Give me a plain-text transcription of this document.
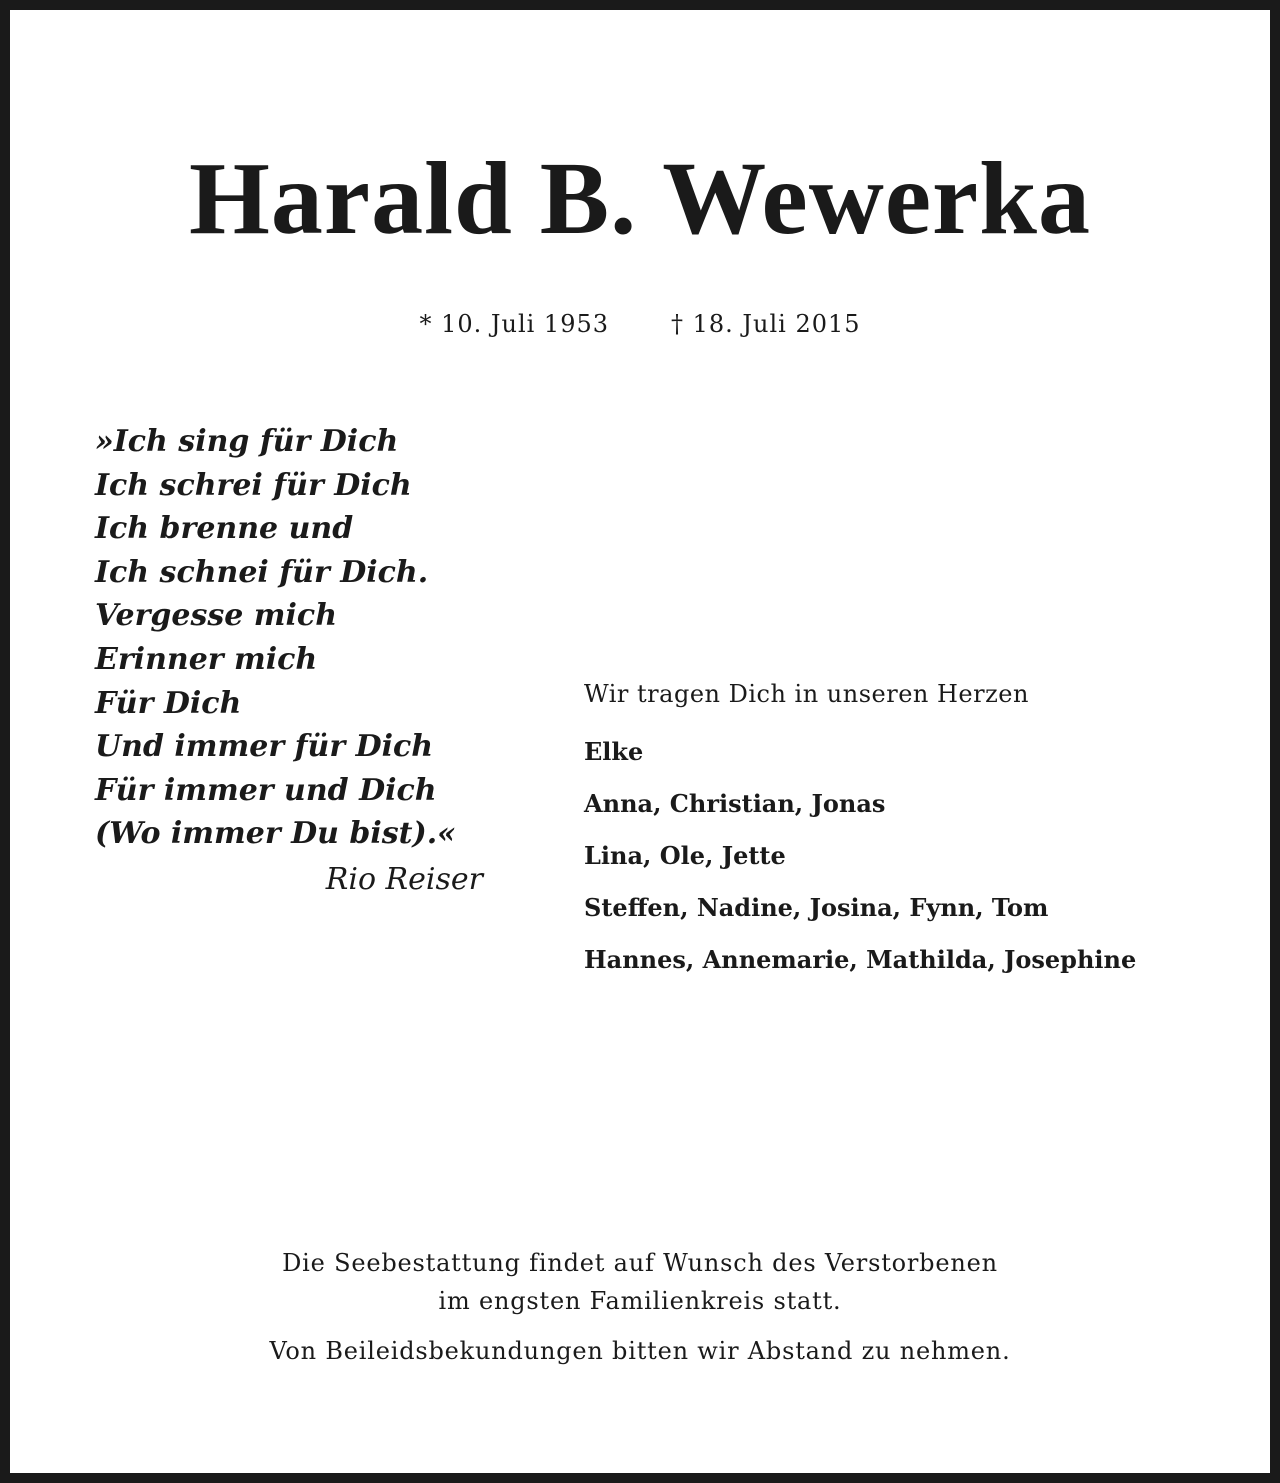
Harald B. Wewerka
* 10. Juli 1953	† 18. Juli 2015
»Ich sing für Dich
Ich schrei für Dich
Ich brenne und
Ich schnei für Dich.
Vergesse mich
Erinner mich
Für Dich
Und immer für Dich
Für immer und Dich
(Wo immer Du bist).«
Rio Reiser
Wir tragen Dich in unseren Herzen
Elke
Anna, Christian, Jonas
Lina, Ole, Jette
Steffen, Nadine, Josina, Fynn, Tom
Hannes, Annemarie, Mathilda, Josephine
Die Seebestattung findet auf Wunsch des Verstorbenen
im engsten Familienkreis statt.
Von Beileidsbekundungen bitten wir Abstand zu nehmen.
